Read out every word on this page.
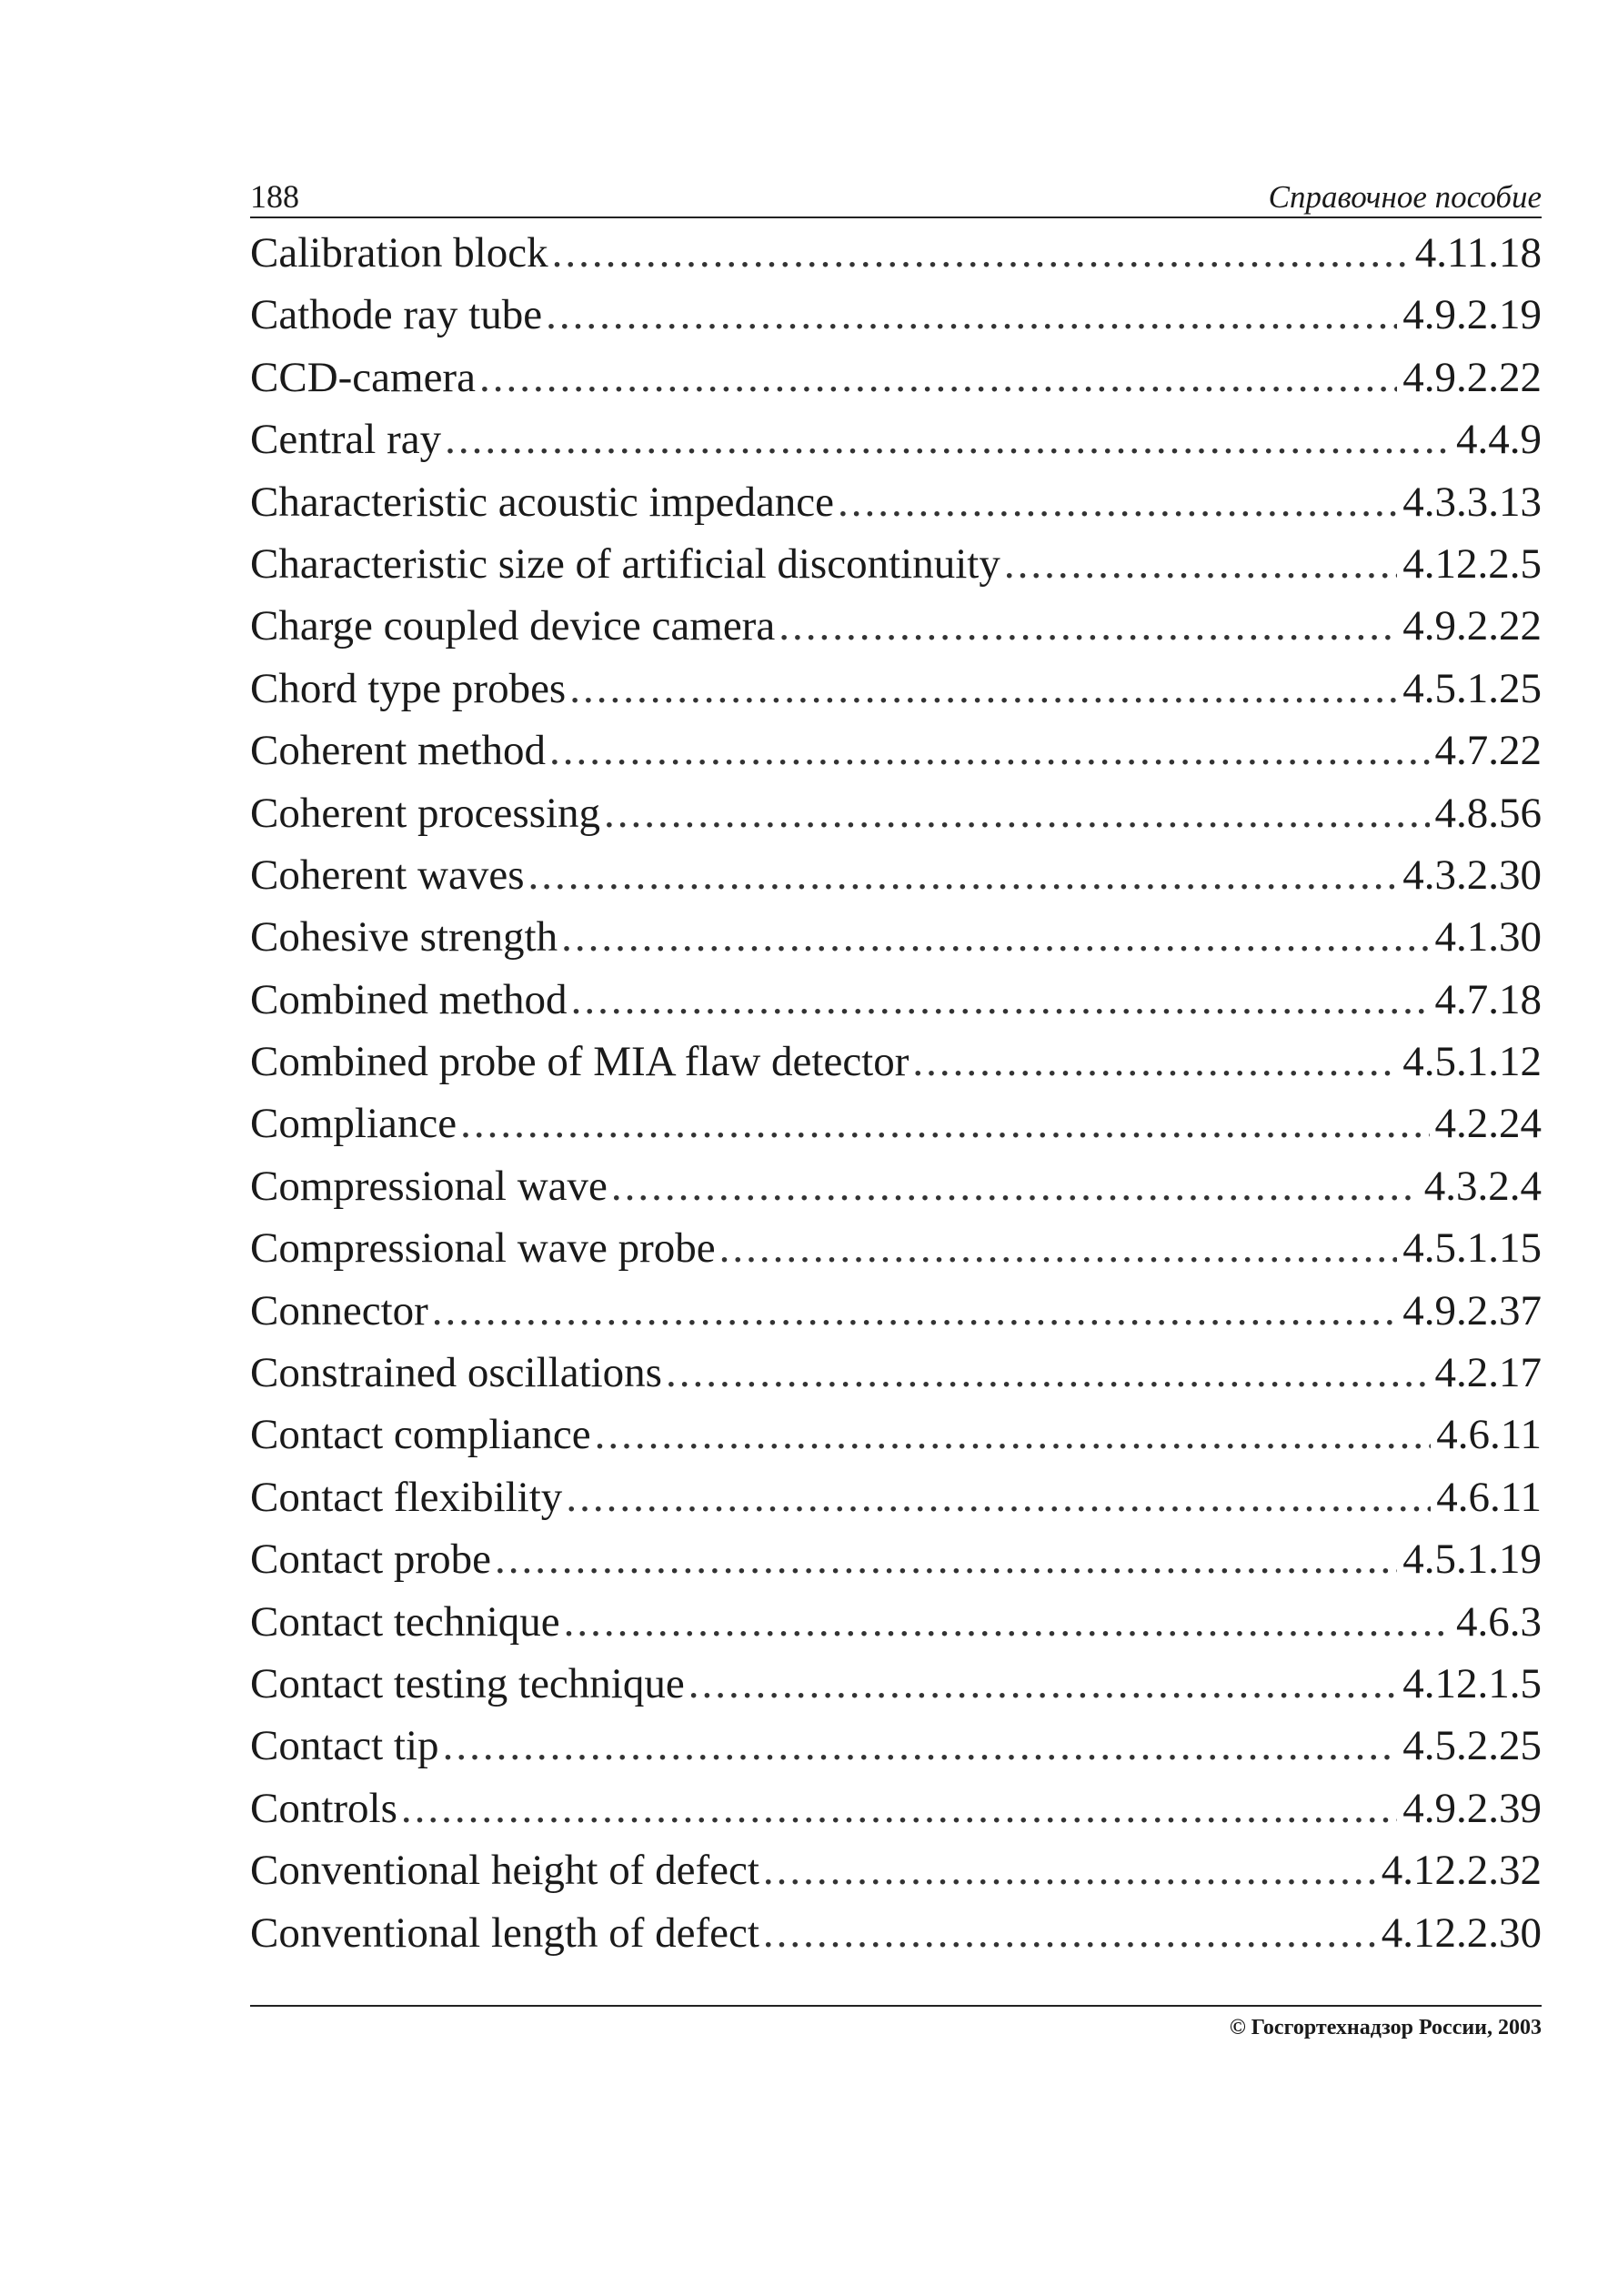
188	Справочное пособие
Calibration block .....	4.11.18
Cathode ray tube .....	4.9.2.19
CCD-camera .....	4.9.2.22
Central ray .....	4.4.9
Characteristic acoustic impedance .....	4.3.3.13
Characteristic size of artificial discontinuity .....	4.12.2.5
Charge coupled device camera .....	4.9.2.22
Chord type probes .....	4.5.1.25
Coherent method .....	4.7.22
Coherent processing .....	4.8.56
Coherent waves .....	4.3.2.30
Cohesive strength .....	4.1.30
Combined method .....	4.7.18
Combined probe of MIA flaw detector .....	4.5.1.12
Compliance .....	4.2.24
Compressional wave .....	4.3.2.4
Compressional wave probe .....	4.5.1.15
Connector .....	4.9.2.37
Constrained oscillations .....	4.2.17
Contact compliance .....	4.6.11
Contact flexibility .....	4.6.11
Contact probe .....	4.5.1.19
Contact technique .....	4.6.3
Contact testing technique .....	4.12.1.5
Contact tip .....	4.5.2.25
Controls .....	4.9.2.39
Conventional height of defect .....	4.12.2.32
Conventional length of defect .....	4.12.2.30
© Госгортехнадзор России, 2003
